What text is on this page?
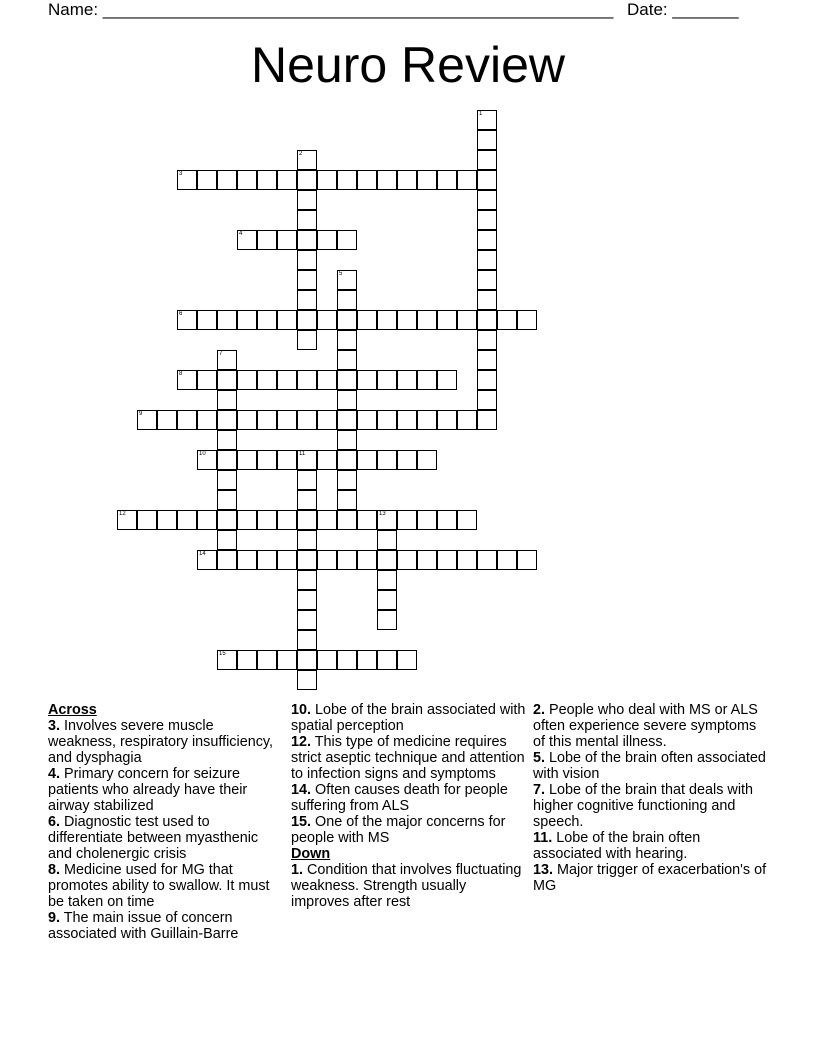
Name: ______________________________________________________ Date: _______
Neuro Review
1
2
3
4
5
6
7
8
9
10	11
12	13
14
15
Across
3. Involves severe muscle weakness, respiratory insufficiency, and dysphagia
4. Primary concern for seizure patients who already have their airway stabilized
6. Diagnostic test used to differentiate between myasthenic and cholenergic crisis
8. Medicine used for MG that promotes ability to swallow. It must be taken on time
9. The main issue of concern associated with Guillain-Barre
10. Lobe of the brain associated with spatial perception
12. This type of medicine requires strict aseptic technique and attention to infection signs and symptoms
14. Often causes death for people suffering from ALS
15. One of the major concerns for people with MS
Down
1. Condition that involves fluctuating weakness. Strength usually improves after rest
2. People who deal with MS or ALS often experience severe symptoms of this mental illness.
5. Lobe of the brain often associated with vision
7. Lobe of the brain that deals with higher cognitive functioning and speech.
11. Lobe of the brain often associated with hearing.
13. Major trigger of exacerbation's of MG
